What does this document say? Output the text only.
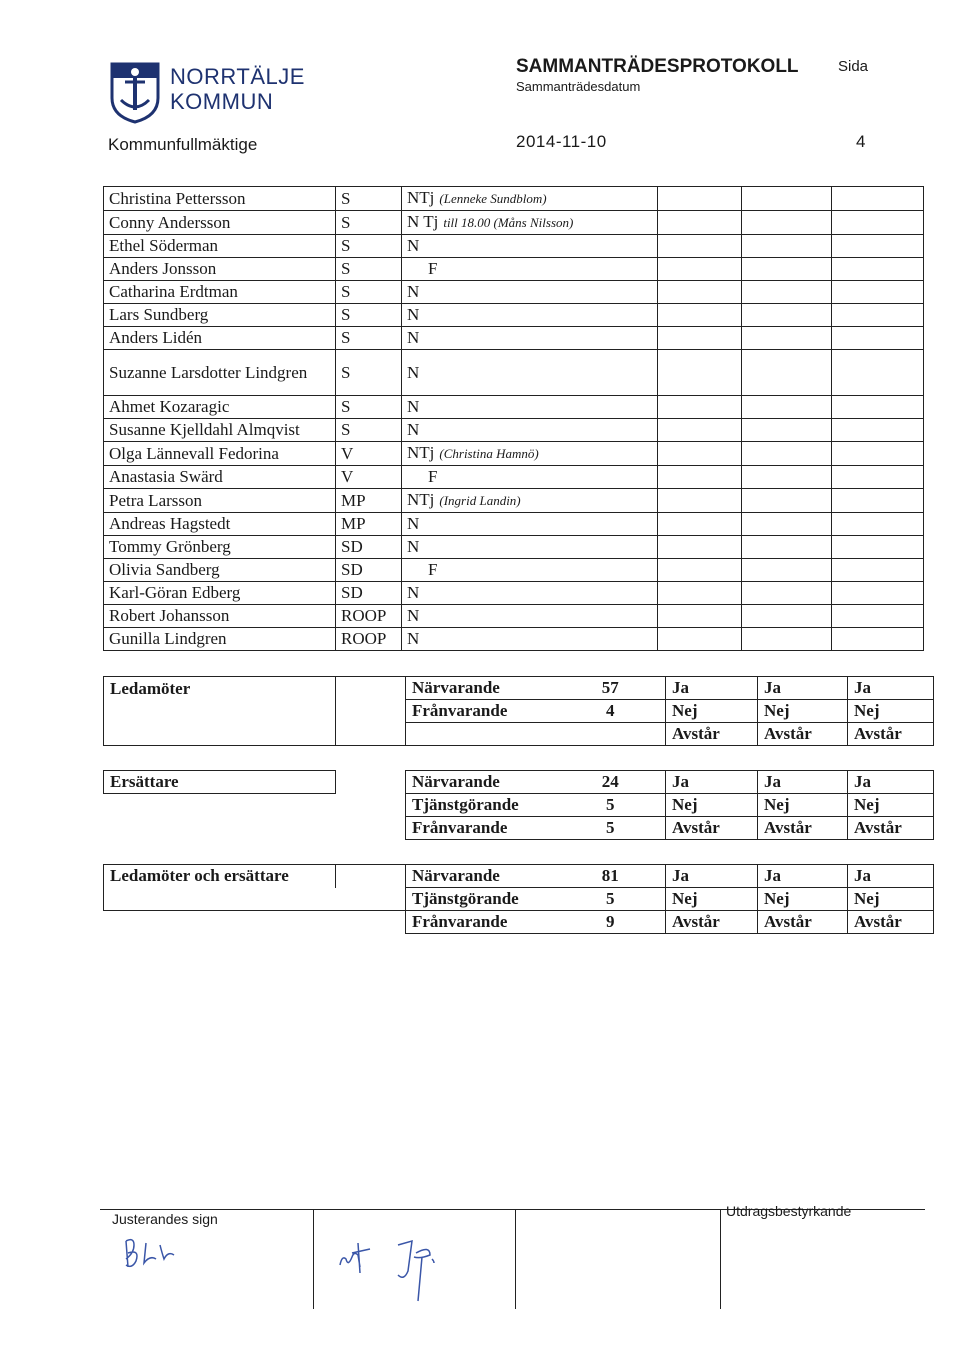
NORRTÄLJE
KOMMUN
Kommunfullmäktige
SAMMANTRÄDESPROTOKOLL
Sammanträdesdatum
2014-11-10
Sida
4
Christina Pettersson	S	NTj (Lenneke Sundblom)			
Conny Andersson	S	N Tj till 18.00 (Måns Nilsson)			
Ethel Söderman	S	N			
Anders Jonsson	S	F			
Catharina Erdtman	S	N			
Lars Sundberg	S	N			
Anders Lidén	S	N			
Suzanne Larsdotter Lindgren	S	N			
Ahmet Kozaragic	S	N			
Susanne Kjelldahl Almqvist	S	N			
Olga Lännevall Fedorina	V	NTj (Christina Hamnö)			
Anastasia Swärd	V	F			
Petra Larsson	MP	NTj (Ingrid Landin)			
Andreas Hagstedt	MP	N			
Tommy Grönberg	SD	N			
Olivia Sandberg	SD	F			
Karl-Göran Edberg	SD	N			
Robert Johansson	ROOP	N			
Gunilla Lindgren	ROOP	N			
Ledamöter		Närvarande	57	Ja	Ja	Ja
		Frånvarande	4	Nej	Nej	Nej
				Avstår	Avstår	Avstår
Ersättare		Närvarande	24	Ja	Ja	Ja
		Tjänstgörande	5	Nej	Nej	Nej
		Frånvarande	5	Avstår	Avstår	Avstår
Ledamöter och ersättare		Närvarande	81	Ja	Ja	Ja
		Tjänstgörande	5	Nej	Nej	Nej
		Frånvarande	9	Avstår	Avstår	Avstår
Justerandes sign	Utdragsbestyrkande
